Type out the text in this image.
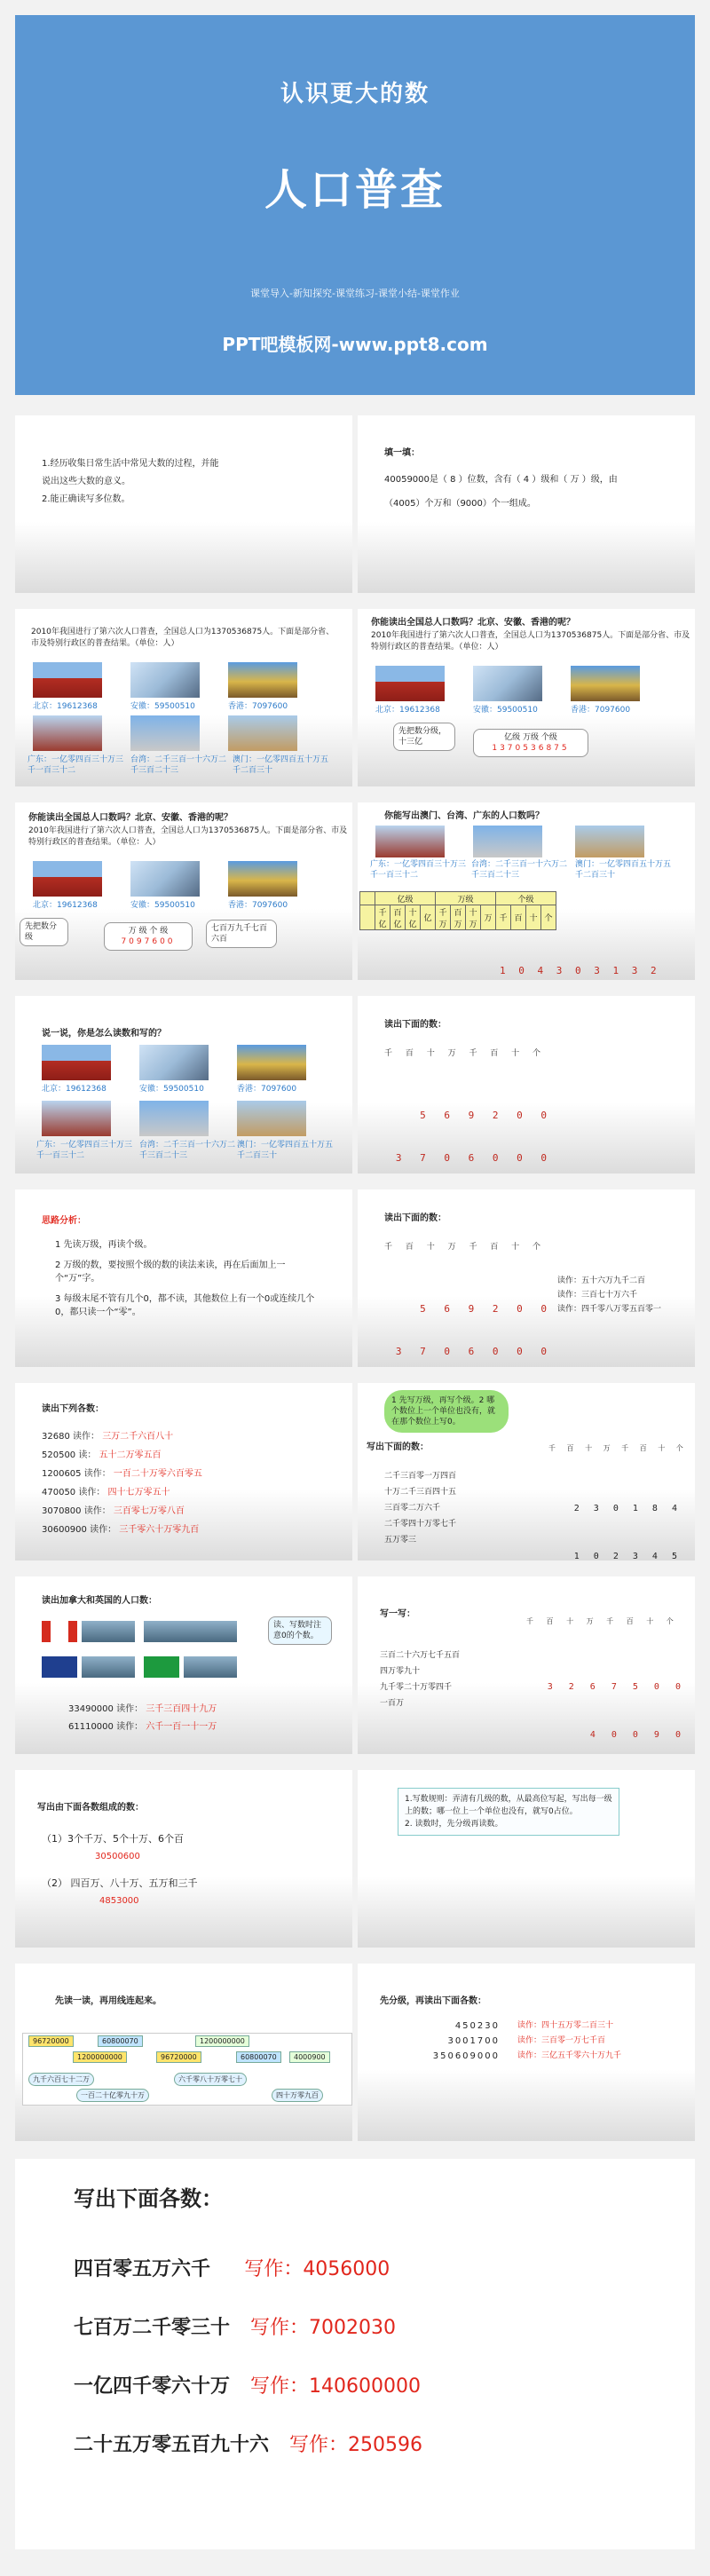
认识更大的数
人口普查
课堂导入-新知探究-课堂练习-课堂小结-课堂作业
PPT吧模板网-www.ppt8.com
1.经历收集日常生活中常见大数的过程，并能
说出这些大数的意义。
2.能正确读写多位数。
填一填：
40059000是（ 8 ）位数，含有（ 4 ）级和（ 万 ）级，由
（4005）个万和（9000）个一组成。
2010年我国进行了第六次人口普查，全国总人口为1370536875人。下面是部分省、市及特别行政区的普查结果。（单位：人）
北京：19612368	安徽：59500510	香港：7097600
广东：一亿零四百三十万三千一百三十二
台湾：二千三百一十六万二千三百二十三
澳门：一亿零四百五十万五千二百三十
你能读出全国总人口数吗？北京、安徽、香港的呢？
2010年我国进行了第六次人口普查，全国总人口为1370536875人。下面是部分省、市及特别行政区的普查结果。（单位：人）
北京：19612368	安徽：59500510	香港：7097600
先把数分级，十三亿	亿级 万级 个级
1370536875
你能读出全国总人口数吗？北京、安徽、香港的呢？
2010年我国进行了第六次人口普查，全国总人口为1370536875人。下面是部分省、市及特别行政区的普查结果。（单位：人）
北京：19612368	安徽：59500510	香港：7097600
先把数分级
万 级 个 级
7097600
七百万九千七百六百
你能写出澳门、台湾、广东的人口数吗？
广东：一亿零四百三十万三千一百三十二
台湾：二千三百一十六万二千三百二十三
澳门：一亿零四百五十万五千二百三十
	亿级				万级				个级			
	千亿	百亿	十亿	亿	千万	百万	十万	万	千	百	十	个

1 0 4 3 0 3 1 3 2

说一说，你是怎么读数和写的？
北京：19612368	安徽：59500510	香港：7097600
广东：一亿零四百三十万三千一百三十二
台湾：二千三百一十六万二千三百二十三
澳门：一亿零四百五十万五千二百三十
读出下面的数：
千 百 十 万 千 百 十 个

5 6 9 2 0 0

3 7 0 6 0 0 0

思路分析：
1 先读万级，再读个级。
2 万级的数，要按照个级的数的读法来读，再在后面加上一个“万”字。
3 每级末尾不管有几个0，都不读，其他数位上有一个0或连续几个0，都只读一个“零”。
读出下面的数：
千 百 十 万 千 百 十 个

5 6 9 2 0 0

3 7 0 6 0 0 0

读作：五十六万九千二百
读作：三百七十万六千
读作：四千零八万零五百零一
读出下列各数：
32680 读作： 三万二千六百八十
520500 读： 五十二万零五百
1200605 读作： 一百二十万零六百零五
470050 读作： 四十七万零五十
3070800 读作： 三百零七万零八百
30600900 读作： 三千零六十万零九百
1 先写万级，再写个级。2 哪个数位上一个单位也没有，就在那个数位上写0。
写出下面的数：	千 百 十 万 千 百 十 个
二千三百零一万四百
十万二千三百四十五
三百零二万六千
二千零四十万零七千
五万零三

2 3 0 1 8 4

1 0 2 3 4 5

读出加拿大和英国的人口数：
读、写数时注意0的个数。
33490000 读作： 三千三百四十九万
61110000 读作： 六千一百一十一万
写一写：
千 百 十 万 千 百 十 个
三百二十六万七千五百
四万零九十
九千零二十万零四千
一百万

3 2 6 7 5 0 0

4 0 0 9 0

写出由下面各数组成的数：
（1）3个千万、5个十万、6个百
30500600
（2） 四百万、八十万、五万和三千
4853000
1.写数规则：弄清有几级的数，从最高位写起，写出每一级上的数；哪一位上一个单位也没有，就写0占位。
2. 读数时，先分级再读数。
先读一读，再用线连起来。
96720000	60800070	1200000000
1200000000	96720000	60800070	4000900
九千六百七十二万	六千零八十万零七十
一百二十亿零九十万	四十万零九百
先分级，再读出下面各数：
450230
3001700
350609000
读作：四十五万零二百三十
读作：三百零一万七千百
读作：三亿五千零六十万九千
写出下面各数：
四百零五万六千 写作：4056000
七百万二千零三十 写作：7002030
一亿四千零六十万 写作：140600000
二十五万零五百九十六 写作：250596
